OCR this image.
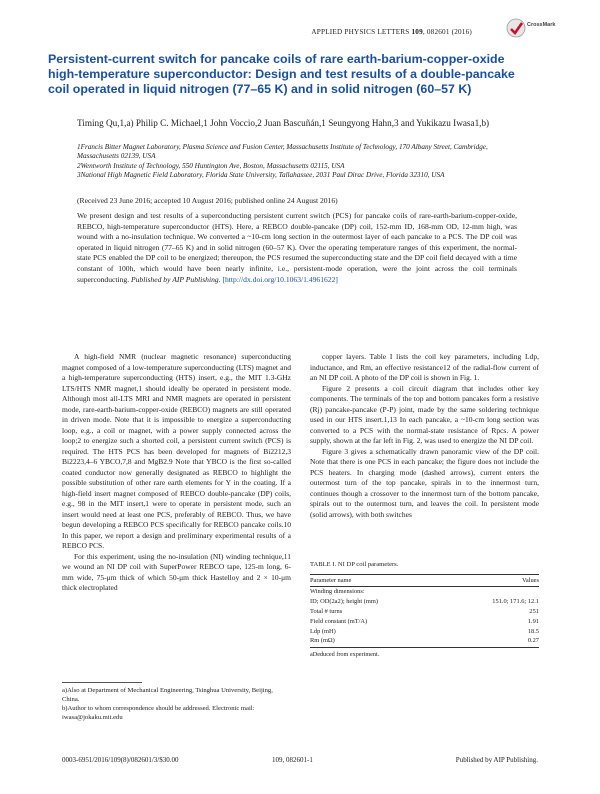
APPLIED PHYSICS LETTERS 109, 082601 (2016)
CrossMark
Persistent-current switch for pancake coils of rare earth-barium-copper-oxide high-temperature superconductor: Design and test results of a double-pancake coil operated in liquid nitrogen (77–65 K) and in solid nitrogen (60–57 K)
Timing Qu,1,a) Philip C. Michael,1 John Voccio,2 Juan Bascuñán,1 Seungyong Hahn,3 and Yukikazu Iwasa1,b)
1Francis Bitter Magnet Laboratory, Plasma Science and Fusion Center, Massachusetts Institute of Technology, 170 Albany Street, Cambridge, Massachusetts 02139, USA
2Wentworth Institute of Technology, 550 Huntington Ave, Boston, Massachusetts 02115, USA
3National High Magnetic Field Laboratory, Florida State University, Tallahassee, 2031 Paul Dirac Drive, Florida 32310, USA
(Received 23 June 2016; accepted 10 August 2016; published online 24 August 2016)
We present design and test results of a superconducting persistent current switch (PCS) for pancake coils of rare-earth-barium-copper-oxide, REBCO, high-temperature superconductor (HTS). Here, a REBCO double-pancake (DP) coil, 152-mm ID, 168-mm OD, 12-mm high, was wound with a no-insulation technique. We converted a ~10-cm long section in the outermost layer of each pancake to a PCS. The DP coil was operated in liquid nitrogen (77–65 K) and in solid nitrogen (60–57 K). Over the operating temperature ranges of this experiment, the normal-state PCS enabled the DP coil to be energized; thereupon, the PCS resumed the superconducting state and the DP coil field decayed with a time constant of 100h, which would have been nearly infinite, i.e., persistent-mode operation, were the joint across the coil terminals superconducting. Published by AIP Publishing. [http://dx.doi.org/10.1063/1.4961622]

A high-field NMR (nuclear magnetic resonance) superconducting magnet composed of a low-temperature superconducting (LTS) magnet and a high-temperature superconducting (HTS) insert, e.g., the MIT 1.3-GHz LTS/HTS NMR magnet,1 should ideally be operated in persistent mode. Although most all-LTS MRI and NMR magnets are operated in persistent mode, rare-earth-barium-copper-oxide (REBCO) magnets are still operated in driven mode. Note that it is impossible to energize a superconducting loop, e.g., a coil or magnet, with a power supply connected across the loop;2 to energize such a shorted coil, a persistent current switch (PCS) is required. The HTS PCS has been developed for magnets of Bi2212,3 Bi2223,4–6 YBCO,7,8 and MgB2.9 Note that YBCO is the first so-called coated conductor now generally designated as REBCO to highlight the possible substitution of other rare earth elements for Y in the coating. If a high-field insert magnet composed of REBCO double-pancake (DP) coils, e.g., 98 in the MIT insert,1 were to operate in persistent mode, such an insert would need at least one PCS, preferably of REBCO. Thus, we have begun developing a REBCO PCS specifically for REBCO pancake coils.10 In this paper, we report a design and preliminary experimental results of a REBCO PCS.

For this experiment, using the no-insulation (NI) winding technique,11 we wound an NI DP coil with SuperPower REBCO tape, 125-m long, 6-mm wide, 75-μm thick of which 50-μm thick Hastelloy and 2 × 10-μm thick electroplated

copper layers. Table I lists the coil key parameters, including Ldp, inductance, and Rm, an effective resistance12 of the radial-flow current of an NI DP coil. A photo of the DP coil is shown in Fig. 1.

Figure 2 presents a coil circuit diagram that includes other key components. The terminals of the top and bottom pancakes form a resistive (Rj) pancake-pancake (P-P) joint, made by the same soldering technique used in our HTS insert.1,13 In each pancake, a ~10-cm long section was converted to a PCS with the normal-state resistance of Rpcs. A power supply, shown at the far left in Fig. 2, was used to energize the NI DP coil.

Figure 3 gives a schematically drawn panoramic view of the DP coil. Note that there is one PCS in each pancake; the figure does not include the PCS heaters. In charging mode (dashed arrows), current enters the outermost turn of the top pancake, spirals in to the innermost turn, continues though a crossover to the innermost turn of the bottom pancake, spirals out to the outermost turn, and leaves the coil. In persistent mode (solid arrows), with both switches

TABLE I. NI DP coil parameters.
Parameter name	Values
Winding dimensions:	
ID; OD(2a2); height (mm)	151.0; 171.6; 12.1
Total # turns	251
Field constant (mT/A)	1.91
Ldp (mH)	18.5
Rm (mΩ)	0.27
aDeduced from experiment.
a)Also at Department of Mechanical Engineering, Tsinghua University, Beijing, China.
b)Author to whom correspondence should be addressed. Electronic mail: iwasa@jokaku.mit.edu
0003-6951/2016/109(8)/082601/3/$30.00	109, 082601-1	Published by AIP Publishing.
